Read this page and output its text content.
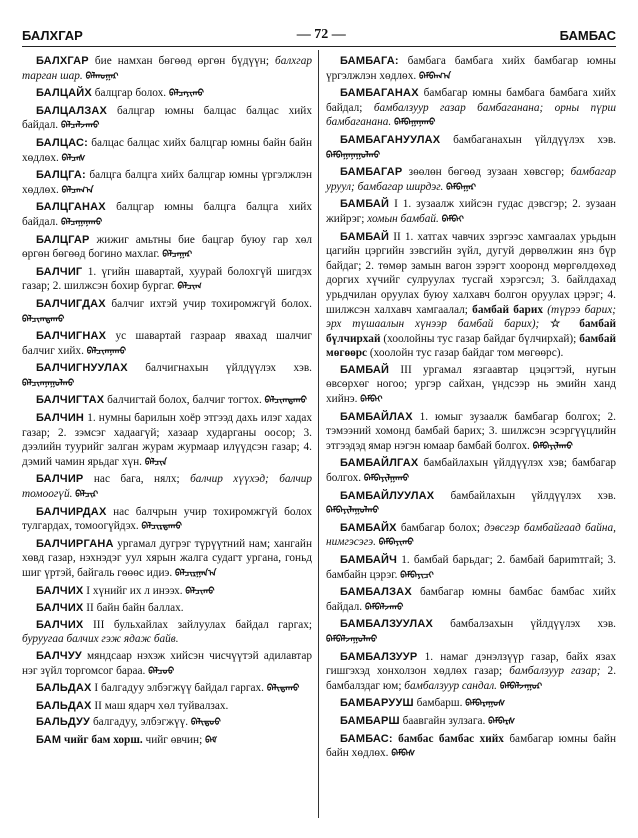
БАЛХГАР	— 72 —	БАМБАС

БАЛХГАР бие намхан бөгөөд өргөн бүдүүн; балхгар тарган шар. ᠪᠠᠯᠬᠤᠭᠠᠷ

БАЛЦАЙХ балцгар болох. ᠪᠠᠯᠴᠠᠶᠢᠬᠤ

БАЛЦАЛЗАХ балцгар юмны балцас балцас хийх байдал. ᠪᠠᠯᠴᠠᠯᠵᠠᠬᠤ

БАЛЦАС: балцас балцас хийх балцгар юмны байн байн хөдлөх. ᠪᠠᠯᠴᠠᠰ

БАЛЦГА: балцга балцга хийх балцгар юмны үргэлжлэн хөдлөх. ᠪᠠᠯᠴᠠᠭ᠎ᠠ

БАЛЦГАНАХ балцгар юмны балцга балцга хийх байдал. ᠪᠠᠯᠴᠠᠭᠠᠨᠠᠬᠤ

БАЛЦГАР жижиг амьтны бие бацгар буюу гар хөл өргөн бөгөөд богино махлаг. ᠪᠠᠯᠴᠠᠭᠠᠷ

БАЛЧИГ 1. үгийн шавартай, хуурай болохгүй шигдэх газар; 2. шилжсэн бохир бургаг. ᠪᠠᠯᠴᠢᠭ

БАЛЧИГДАХ балчиг ихтэй учир тохиромжгүй болох. ᠪᠠᠯᠴᠢᠭᠳᠠᠬᠤ

БАЛЧИГНАХ ус шавартай газраар явахад шалчиг балчиг хийх. ᠪᠠᠯᠴᠢᠭᠨᠠᠬᠤ

БАЛЧИГНУУЛАХ балчигнахын үйлдүүлэх хэв. ᠪᠠᠯᠴᠢᠭᠨᠠᠭᠤᠯᠬᠤ

БАЛЧИГТАХ балчигтай болох, балчиг тогтох. ᠪᠠᠯᠴᠢᠭᠲᠠᠬᠤ

БАЛЧИН 1. нумны барилын хоёр этгээд дахь илэг хадах газар; 2. зэмсэг хадаагүй; хазаар хударганы оосор; 3. дээлийн туурийг залган журам журмаар илүүдсэн газар; 4. дэмий чамин ярьдаг хүн. ᠪᠠᠯᠴᠢᠨ

БАЛЧИР нас бага, нялх; балчир хүүхэд; балчир томоогүй. ᠪᠠᠯᠴᠢᠷ

БАЛЧИРДАХ нас балчрын учир тохиромжгүй болох тулгардах, томоогүйдэх. ᠪᠠᠯᠴᠢᠷᠳᠠᠬᠤ

БАЛЧИРГАНА ургамал дугрэг түрүүтний нам; хангайн хөвд газар, нэхнэдэг уул хярын жалга судагт ургана, гоньд шиг үртэй, байгаль гөөөс идиэ. ᠪᠠᠯᠴᠢᠷᠭᠠᠨ᠎ᠠ

БАЛЧИХ I хүнийг их л инээх. ᠪᠠᠯᠴᠢᠬᠤ

БАЛЧИХ II байн байн баллах.

БАЛЧИХ III бульхайлах зайлуулах байдал гаргах; буруугаа балчих гэж ядаж байв.

БАЛЧУУ мяндсаар нэхэж хийсэн чисчүүтэй адилавтар нэг зүйл торгомсог бараа. ᠪᠠᠯᠴᠤᠤ

БАЛЬДАХ I балгадуу элбэгжүү байдал гаргах. ᠪᠠᠯᠢᠳᠠᠬᠤ

БАЛЬДАХ II маш ядарч хөл туйвалзах.

БАЛЬДУУ балгадуу, элбэгжүү. ᠪᠠᠯᠢᠳᠤᠤ

БАМ чийг бам хорш. чийг өвчин; ᠪᠠᠮ

БАМБАГА: бамбага бамбага хийх бамбагар юмны үргэлжлэн хөдлөх. ᠪᠠᠮᠪᠠᠭ᠎ᠠ

БАМБАГАНАХ бамбагар юмны бамбага бамбага хийх байдал; бамбалзуур газар бамбаганана; орны пүрш бамбаганана. ᠪᠠᠮᠪᠠᠭᠠᠨᠠᠬᠤ

БАМБАГАНУУЛАХ бамбаганахын үйлдүүлэх хэв. ᠪᠠᠮᠪᠠᠭᠠᠨᠠᠭᠤᠯᠬᠤ

БАМБАГАР зөөлөн бөгөөд зузаан хөвсгөр; бамбагар уруул; бамбагар ширдэг. ᠪᠠᠮᠪᠠᠭᠠᠷ

БАМБАЙ I 1. зузаалж хийсэн гудас дэвсгэр; 2. зузаан жийрэг; хомын бамбай. ᠪᠠᠮᠪᠠᠶ

БАМБАЙ II 1. хатгах чавчих зэргээс хамгаалах урьдын цагийн цэргийн зэвсгийн зүйл, дугуй дөрвөлжин янз бүр байдаг; 2. төмөр замын вагон зэрэгт хооронд мөргөлдөхөд доргих хүчийг сулруулах тусгай хэрэгсэл; 3. байлдахад урьдчилан оруулах буюу халхавч болгон оруулах цэрэг; 4. шилжсэн халхавч хамгаалал; бамбай барих (түрээ барих; эрх түшаалын хүнээр бамбай барих); ☆ бамбай бүлчирхай (хоолойны тус газар байдаг бүлчирхай); бамбай мөгөөрс (хоолойн тус газар байдаг том мөгөөрс).

БАМБАЙ III ургамал язгаавтар цэцэгтэй, нугын өвсөрхөг ногоо; ургэр сайхан, үндсээр нь эмийн ханд хийнэ. ᠪᠠᠮᠪᠠᠶ

БАМБАЙЛАХ 1. юмыг зузаалж бамбагар болгох; 2. тэмээний хомонд бамбай барих; 3. шилжсэн эсэргүүцлийн этгээдэд ямар нэгэн юмаар бамбай болгох. ᠪᠠᠮᠪᠠᠶᠢᠯᠠᠬᠤ

БАМБАЙЛГАХ бамбайлахын үйлдүүлэх хэв; бамбагар болгох. ᠪᠠᠮᠪᠠᠶᠢᠯᠭᠠᠬᠤ

БАМБАЙЛУУЛАХ бамбайлахын үйлдүүлэх хэв. ᠪᠠᠮᠪᠠᠶᠢᠯᠠᠭᠤᠯᠬᠤ

БАМБАЙХ бамбагар болох; дэвсгэр бамбайгаад байна, нимгэсэгэ. ᠪᠠᠮᠪᠠᠶᠢᠬᠤ

БАМБАЙЧ 1. бамбай барьдаг; 2. бамбай бариmтгай; 3. бамбайн цэрэг. ᠪᠠᠮᠪᠠᠶᠢᠴᠢ

БАМБАЛЗАХ бамбагар юмны бамбас бамбас хийх байдал. ᠪᠠᠮᠪᠠᠯᠵᠠᠬᠤ

БАМБАЛЗУУЛАХ бамбалзахын үйлдүүлэх хэв. ᠪᠠᠮᠪᠠᠯᠵᠠᠭᠤᠯᠬᠤ

БАМБАЛЗУУР 1. намаг дэнэлзүүр газар, байх язах гишгэхэд хонхолзон хөдлөх газар; бамбалзуур газар; 2. бамбалздаг юм; бамбалзуур сандал. ᠪᠠᠮᠪᠠᠯᠵᠠᠭᠤᠷ

БАМБАРУУШ бамбарш. ᠪᠠᠮᠪᠠᠷᠠᠭᠤᠰ

БАМБАРШ баавгайн зулзага. ᠪᠠᠮᠪᠠᠷᠰ

БАМБАС: бамбас бамбас хийх бамбагар юмны байн байн хөдлөх. ᠪᠠᠮᠪᠠᠰ
